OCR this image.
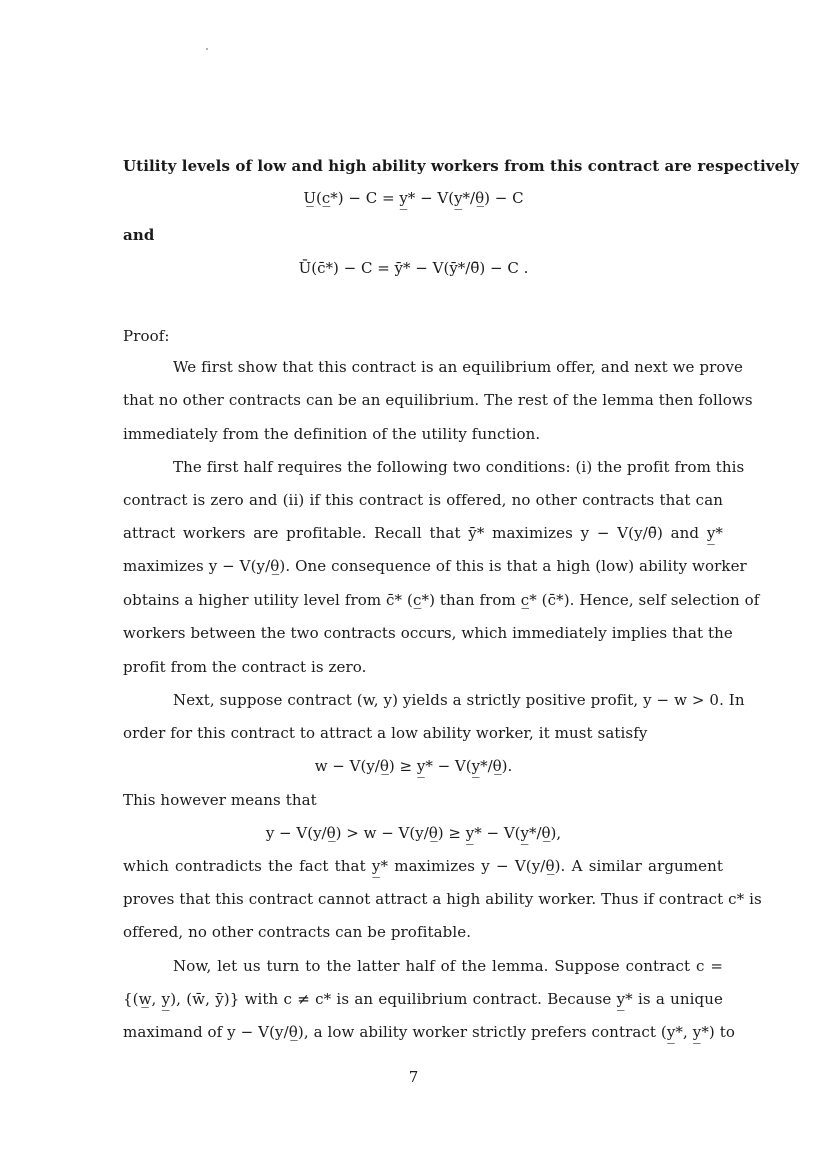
Utility levels of low and high ability workers from this contract are respectively
U̲(c̲*) − C = y̲* − V(y̲*/θ̲) − C
and
Ū(c̄*) − C = ȳ* − V(ȳ*/θ̄) − C .
Proof:
We first show that this contract is an equilibrium offer, and next we prove
that no other contracts can be an equilibrium. The rest of the lemma then follows
immediately from the definition of the utility function.
The first half requires the following two conditions: (i) the profit from this
contract is zero and (ii) if this contract is offered, no other contracts that can
attract workers are profitable. Recall that ȳ* maximizes y − V(y/θ̄) and y̲*
maximizes y − V(y/θ̲). One consequence of this is that a high (low) ability worker
obtains a higher utility level from c̄* (c̲*) than from c̲* (c̄*). Hence, self selection of
workers between the two contracts occurs, which immediately implies that the
profit from the contract is zero.
Next, suppose contract (w, y) yields a strictly positive profit, y − w > 0. In
order for this contract to attract a low ability worker, it must satisfy
w − V(y/θ̲) ≥ y̲* − V(y̲*/θ̲).
This however means that
y − V(y/θ̲) > w − V(y/θ̲) ≥ y̲* − V(y̲*/θ̲),
which contradicts the fact that y̲* maximizes y − V(y/θ̲). A similar argument
proves that this contract cannot attract a high ability worker. Thus if contract c* is
offered, no other contracts can be profitable.
Now, let us turn to the latter half of the lemma. Suppose contract c =
{(w̲, y̲), (w̄, ȳ)} with c ≠ c* is an equilibrium contract. Because y̲* is a unique
maximand of y − V(y/θ̲), a low ability worker strictly prefers contract (y̲*, y̲*) to
7
